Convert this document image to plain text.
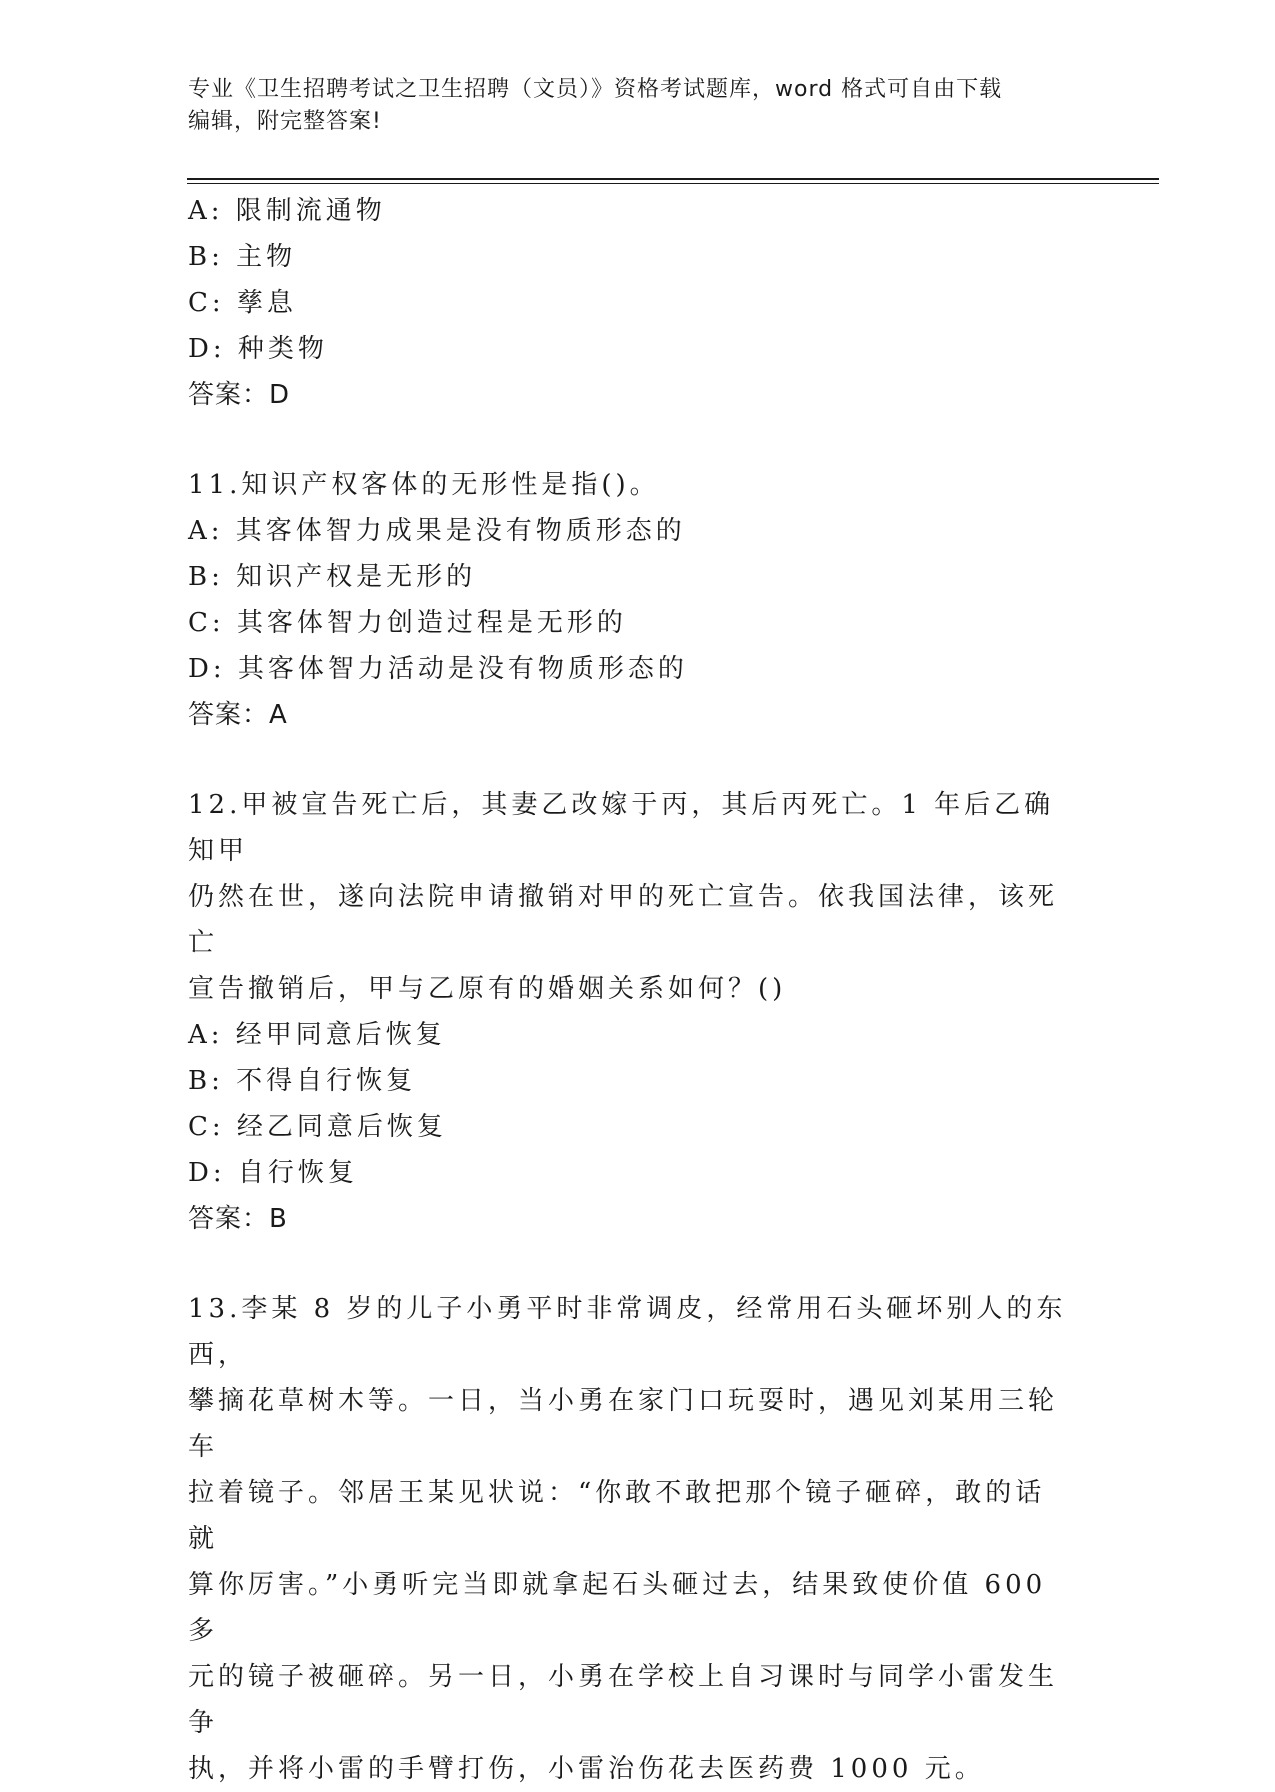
专业《卫生招聘考试之卫生招聘（文员）》资格考试题库，word 格式可自由下载
编辑，附完整答案!
A: 限制流通物
B: 主物
C: 孳息
D: 种类物
答案：D
11.知识产权客体的无形性是指()。
A: 其客体智力成果是没有物质形态的
B: 知识产权是无形的
C: 其客体智力创造过程是无形的
D: 其客体智力活动是没有物质形态的
答案：A
12.甲被宣告死亡后，其妻乙改嫁于丙，其后丙死亡。1 年后乙确知甲
仍然在世，遂向法院申请撤销对甲的死亡宣告。依我国法律，该死亡
宣告撤销后，甲与乙原有的婚姻关系如何？()
A: 经甲同意后恢复
B: 不得自行恢复
C: 经乙同意后恢复
D: 自行恢复
答案：B
13.李某 8 岁的儿子小勇平时非常调皮，经常用石头砸坏别人的东西，
攀摘花草树木等。一日，当小勇在家门口玩耍时，遇见刘某用三轮车
拉着镜子。邻居王某见状说：“你敢不敢把那个镜子砸碎，敢的话就
算你厉害。”小勇听完当即就拿起石头砸过去，结果致使价值 600 多
元的镜子被砸碎。另一日，小勇在学校上自习课时与同学小雷发生争
执，并将小雷的手臂打伤，小雷治伤花去医药费 1000 元。
